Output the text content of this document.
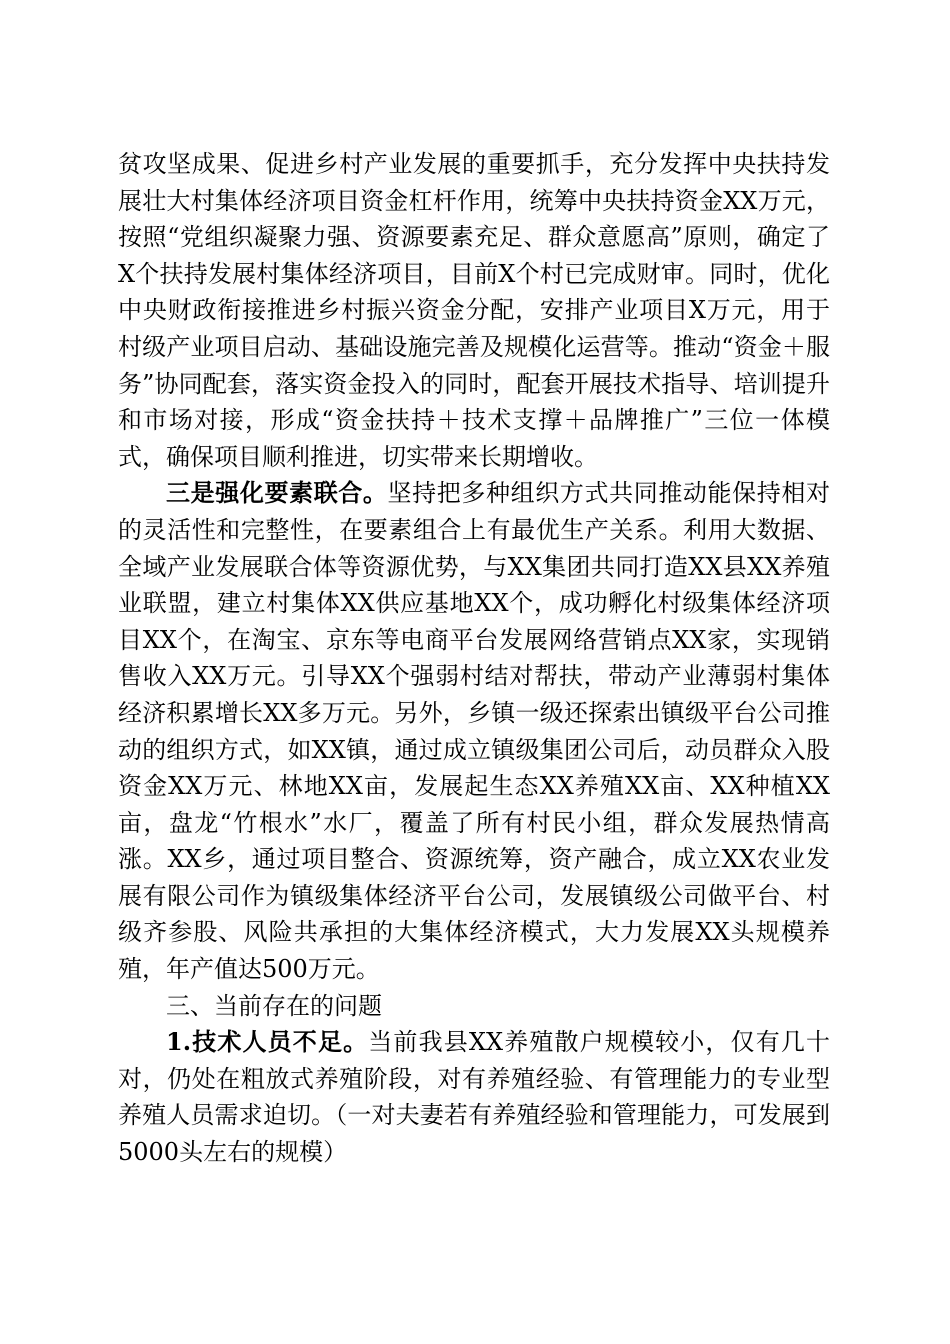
贫攻坚成果、促进乡村产业发展的重要抓手，充分发挥中央扶持发展壮大村集体经济项目资金杠杆作用，统筹中央扶持资金XX万元，按照“党组织凝聚力强、资源要素充足、群众意愿高”原则，确定了X个扶持发展村集体经济项目，目前X个村已完成财审。同时，优化中央财政衔接推进乡村振兴资金分配，安排产业项目X万元，用于村级产业项目启动、基础设施完善及规模化运营等。推动“资金＋服务”协同配套，落实资金投入的同时，配套开展技术指导、培训提升和市场对接，形成“资金扶持＋技术支撑＋品牌推广”三位一体模式，确保项目顺利推进，切实带来长期增收。

三是强化要素联合。坚持把多种组织方式共同推动能保持相对的灵活性和完整性，在要素组合上有最优生产关系。利用大数据、全域产业发展联合体等资源优势，与XX集团共同打造XX县XX养殖业联盟，建立村集体XX供应基地XX个，成功孵化村级集体经济项目XX个，在淘宝、京东等电商平台发展网络营销点XX家，实现销售收入XX万元。引导XX个强弱村结对帮扶，带动产业薄弱村集体经济积累增长XX多万元。另外，乡镇一级还探索出镇级平台公司推动的组织方式，如XX镇，通过成立镇级集团公司后，动员群众入股资金XX万元、林地XX亩，发展起生态XX养殖XX亩、XX种植XX亩，盘龙“竹根水”水厂，覆盖了所有村民小组，群众发展热情高涨。XX乡，通过项目整合、资源统筹，资产融合，成立XX农业发展有限公司作为镇级集体经济平台公司，发展镇级公司做平台、村级齐参股、风险共承担的大集体经济模式，大力发展XX头规模养殖，年产值达500万元。

三、当前存在的问题

1.技术人员不足。当前我县XX养殖散户规模较小，仅有几十对，仍处在粗放式养殖阶段，对有养殖经验、有管理能力的专业型养殖人员需求迫切。（一对夫妻若有养殖经验和管理能力，可发展到5000头左右的规模）
